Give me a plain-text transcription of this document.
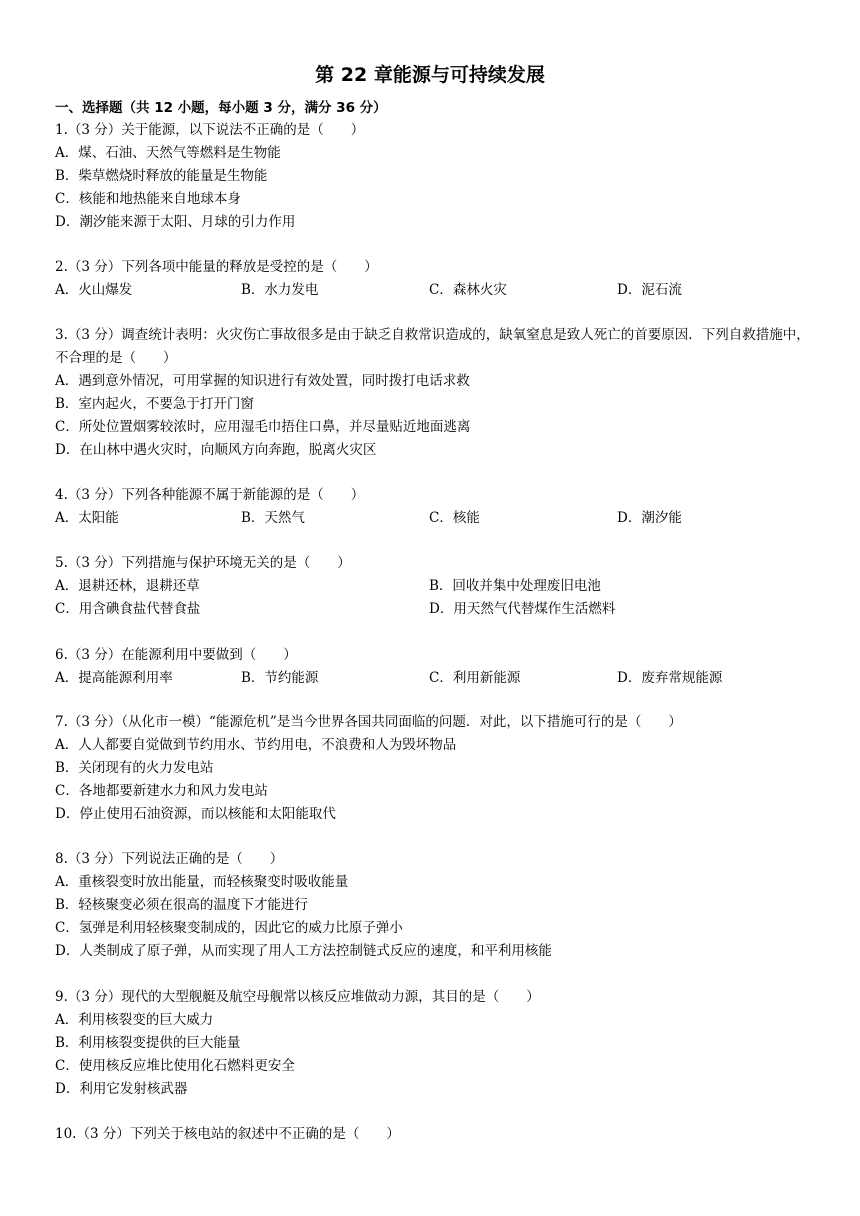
第 22 章能源与可持续发展
一、选择题（共 12 小题，每小题 3 分，满分 36 分）
1.（3 分）关于能源，以下说法不正确的是（　　）
A．煤、石油、天然气等燃料是生物能
B．柴草燃烧时释放的能量是生物能
C．核能和地热能来自地球本身
D．潮汐能来源于太阳、月球的引力作用
2.（3 分）下列各项中能量的释放是受控的是（　　）
A．火山爆发	B．水力发电	C．森林火灾	D．泥石流
3.（3 分）调查统计表明：火灾伤亡事故很多是由于缺乏自救常识造成的，缺氧窒息是致人死亡的首要原因．下列自救措施中，不合理的是（　　）
A．遇到意外情况，可用掌握的知识进行有效处置，同时拨打电话求救
B．室内起火，不要急于打开门窗
C．所处位置烟雾较浓时，应用湿毛巾捂住口鼻，并尽量贴近地面逃离
D．在山林中遇火灾时，向顺风方向奔跑，脱离火灾区
4.（3 分）下列各种能源不属于新能源的是（　　）
A．太阳能	B．天然气	C．核能	D．潮汐能
5.（3 分）下列措施与保护环境无关的是（　　）
A．退耕还林，退耕还草	B．回收并集中处理废旧电池
C．用含碘食盐代替食盐	D．用天然气代替煤作生活燃料
6.（3 分）在能源利用中要做到（　　）
A．提高能源利用率	B．节约能源	C．利用新能源	D．废弃常规能源
7.（3 分）（从化市一模）“能源危机”是当今世界各国共同面临的问题．对此，以下措施可行的是（　　）
A．人人都要自觉做到节约用水、节约用电，不浪费和人为毁坏物品
B．关闭现有的火力发电站
C．各地都要新建水力和风力发电站
D．停止使用石油资源，而以核能和太阳能取代
8.（3 分）下列说法正确的是（　　）
A．重核裂变时放出能量，而轻核聚变时吸收能量
B．轻核聚变必须在很高的温度下才能进行
C．氢弹是利用轻核聚变制成的，因此它的威力比原子弹小
D．人类制成了原子弹，从而实现了用人工方法控制链式反应的速度，和平利用核能
9.（3 分）现代的大型舰艇及航空母舰常以核反应堆做动力源，其目的是（　　）
A．利用核裂变的巨大威力
B．利用核裂变提供的巨大能量
C．使用核反应堆比使用化石燃料更安全
D．利用它发射核武器
10.（3 分）下列关于核电站的叙述中不正确的是（　　）
